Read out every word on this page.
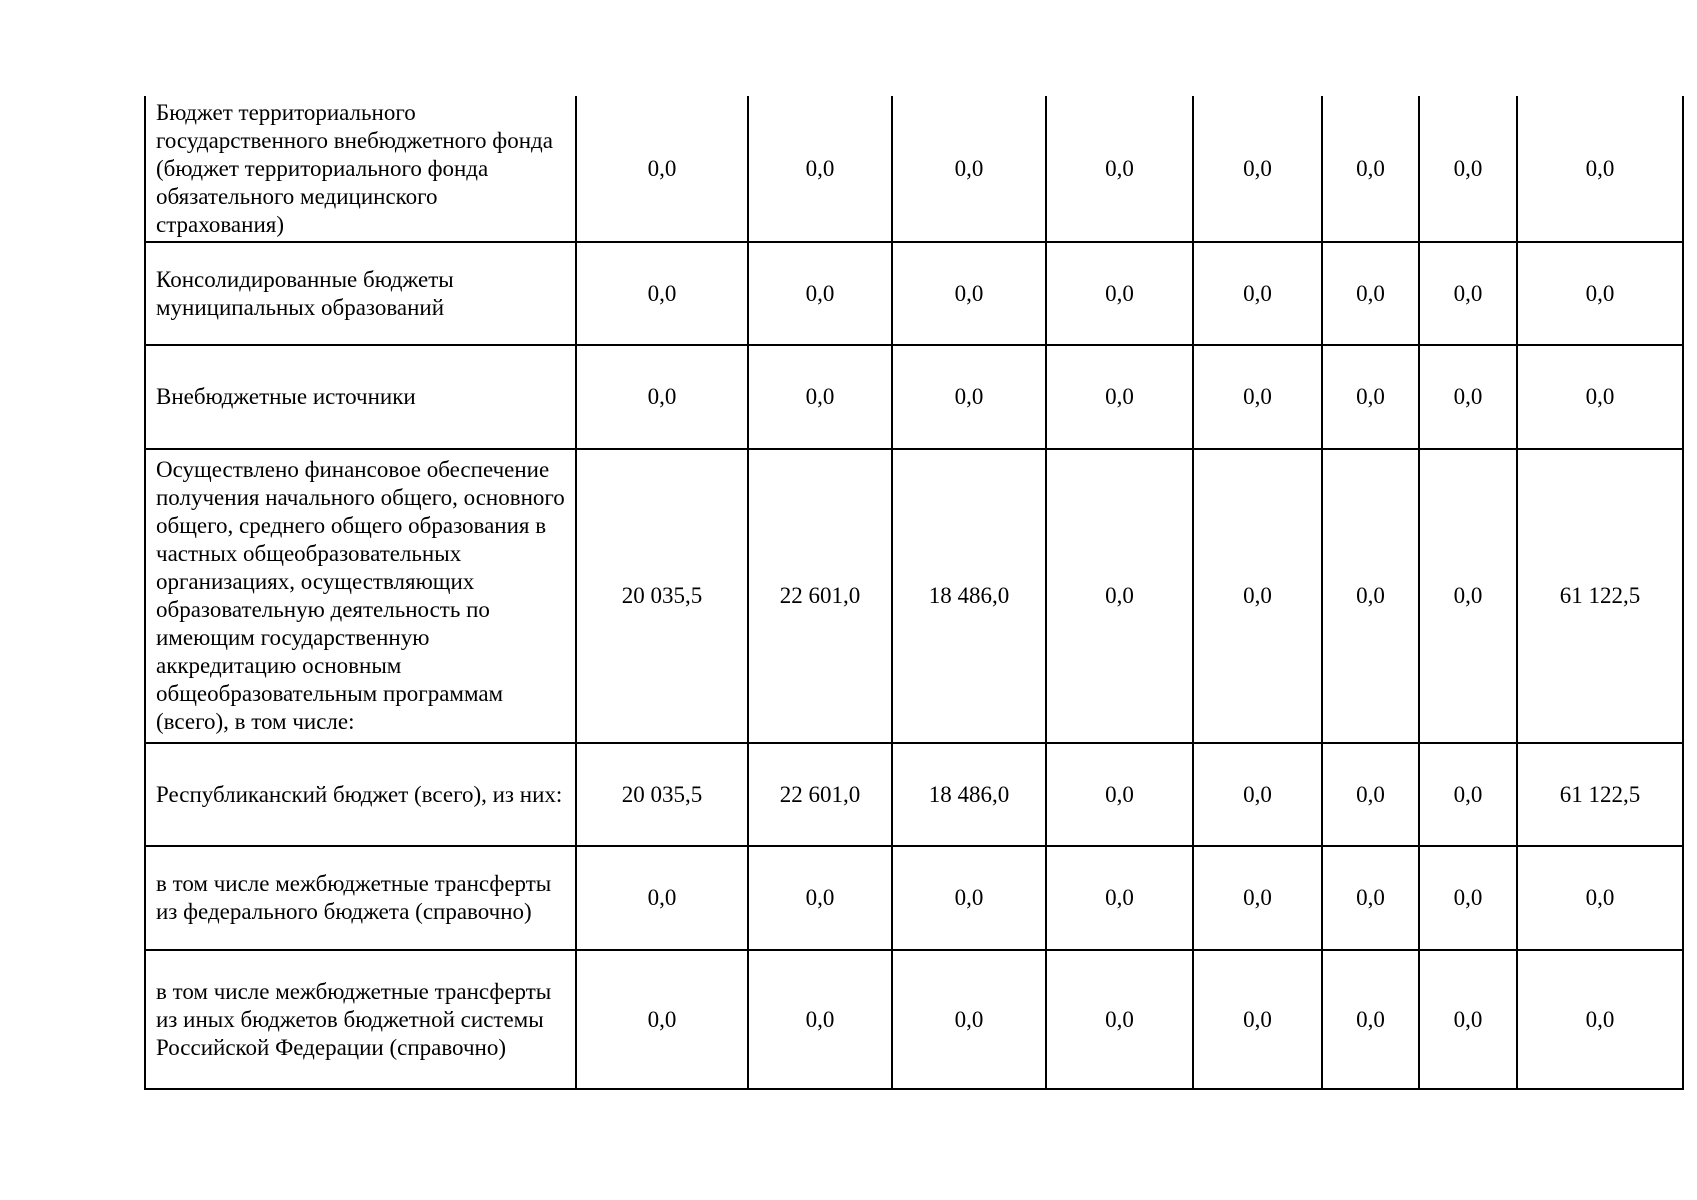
Бюджет территориального государственного внебюджетного фонда (бюджет территориального фонда обязательного медицинского страхования)	0,0	0,0	0,0	0,0	0,0	0,0	0,0	0,0
Консолидированные бюджеты муниципальных образований	0,0	0,0	0,0	0,0	0,0	0,0	0,0	0,0
Внебюджетные источники	0,0	0,0	0,0	0,0	0,0	0,0	0,0	0,0
Осуществлено финансовое обеспечение получения начального общего, основного общего, среднего общего образования в частных общеобразовательных организациях, осуществляющих образовательную деятельность по имеющим государственную аккредитацию основным общеобразовательным программам (всего), в том числе:	20 035,5	22 601,0	18 486,0	0,0	0,0	0,0	0,0	61 122,5
Республиканский бюджет (всего), из них:	20 035,5	22 601,0	18 486,0	0,0	0,0	0,0	0,0	61 122,5
в том числе межбюджетные трансферты из федерального бюджета (справочно)	0,0	0,0	0,0	0,0	0,0	0,0	0,0	0,0
в том числе межбюджетные трансферты из иных бюджетов бюджетной системы Российской Федерации (справочно)	0,0	0,0	0,0	0,0	0,0	0,0	0,0	0,0
